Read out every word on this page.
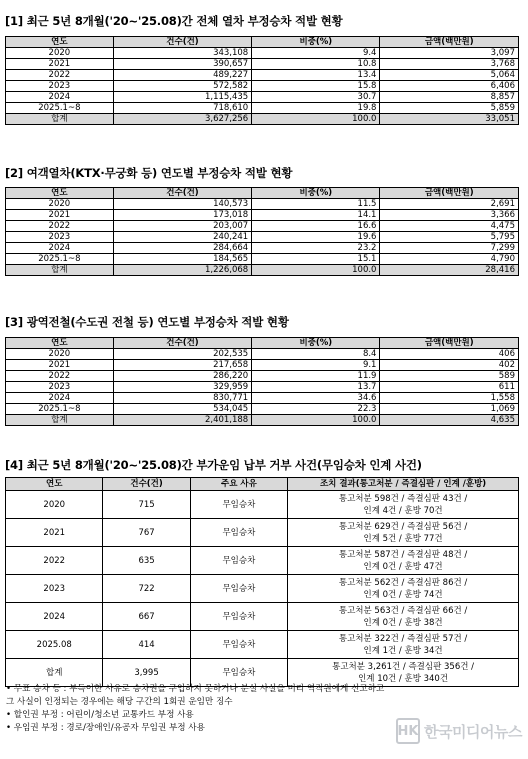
[1] 최근 5년 8개월('20~'25.08)간 전체 열차 부정승차 적발 현황
연도	건수(건)	비중(%)	금액(백만원)
2020	343,108	9.4	3,097
2021	390,657	10.8	3,768
2022	489,227	13.4	5,064
2023	572,582	15.8	6,406
2024	1,115,435	30.7	8,857
2025.1~8	718,610	19.8	5,859
합계	3,627,256	100.0	33,051
[2] 여객열차(KTX·무궁화 등) 연도별 부정승차 적발 현황
연도	건수(건)	비중(%)	금액(백만원)
2020	140,573	11.5	2,691
2021	173,018	14.1	3,366
2022	203,007	16.6	4,475
2023	240,241	19.6	5,795
2024	284,664	23.2	7,299
2025.1~8	184,565	15.1	4,790
합계	1,226,068	100.0	28,416
[3] 광역전철(수도권 전철 등) 연도별 부정승차 적발 현황
연도	건수(건)	비중(%)	금액(백만원)
2020	202,535	8.4	406
2021	217,658	9.1	402
2022	286,220	11.9	589
2023	329,959	13.7	611
2024	830,771	34.6	1,558
2025.1~8	534,045	22.3	1,069
합계	2,401,188	100.0	4,635
[4] 최근 5년 8개월('20~'25.08)간 부가운임 납부 거부 사건(무임승차 인계 사건)
연도	건수(건)	주요 사유	조치 결과(통고처분 / 즉결심판 / 인계 /훈방)
2020	715	무임승차	통고처분 598건 / 즉결심판 43건 /
인계 4건 / 훈방 70건

2021	767	무임승차	통고처분 629건 / 즉결심판 56건 /
인계 5건 / 훈방 77건

2022	635	무임승차	통고처분 587건 / 즉결심판 48건 /
인계 0건 / 훈방 47건

2023	722	무임승차	통고처분 562건 / 즉결심판 86건 /
인계 0건 / 훈방 74건

2024	667	무임승차	통고처분 563건 / 즉결심판 66건 /
인계 0건 / 훈방 38건

2025.08	414	무임승차	통고처분 322건 / 즉결심판 57건 /
인계 1건 / 훈방 34건

합계	3,995	무임승차	통고처분 3,261건 / 즉결심판 356건 /
인계 10건 / 훈방 340건
• 무표 승차 등 : 부득이한 사유로 승차권을 구입하지 못하거나 분실 사실을 미리 역직원에게 신고하고
그 사실이 인정되는 경우에는 해당 구간의 1회권 운임만 징수
• 할인권 부정 : 어린이/청소년 교통카드 부정 사용
• 우임권 부정 : 경로/장애인/유공자 무임권 부정 사용	HK 한국미디어뉴스
